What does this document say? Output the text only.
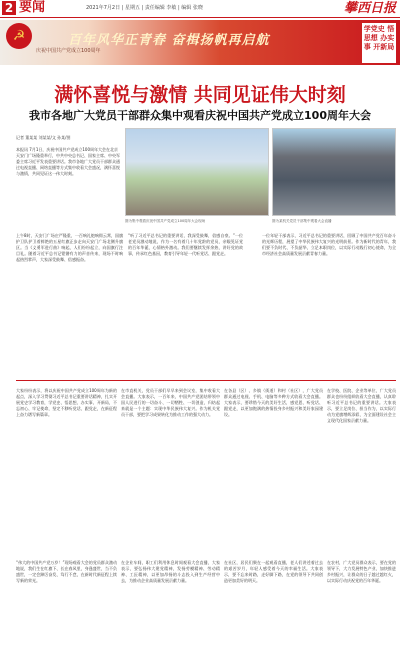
2 要闻	2021年7月2日 | 星期五 | 责任编辑 李敏 | 编辑 张晓	攀西日报
☭
庆祝中国共产党成立100周年
百年风华正青春 奋楫扬帆再启航
学党史 悟思想 办实事 开新局
满怀喜悦与激情 共同见证伟大时刻
我市各地广大党员干部群众集中观看庆祝中国共产党成立100周年大会
记者 董某某 刘某某/文 孙某/图
本报讯 7月1日，庆祝中国共产党成立100周年大会在北京天安门广场隆重举行，中共中央总书记、国家主席、中央军委主席习近平发表重要讲话。我市各地广大党员干部群众通过电视直播、网络直播等方式集中收看大会盛况，满怀喜悦与激情，共同见证这一伟大时刻。
图为集中观看庆祝中国共产党成立100周年大会现场	图为某机关党员干部集中观看大会直播
上午8时，天安门广场庄严隆重，一百响礼炮响彻云霄，国旗护卫队护卫着鲜艳的五星红旗正步走向天安门广场北侧升旗区。当《义勇军进行曲》响起，人们纷纷起立，向国旗行注目礼。随着习近平总书记铿锵有力的声音传来，现场不时响起热烈掌声，大家深受鼓舞、倍感振奋。
“听了习近平总书记的重要讲话，我深受鼓舞，倍感自豪。”一位老党员激动地说，作为一名有着几十年党龄的党员，亲眼见证党的百年华诞，心情格外激动。我们要继续发挥余热，讲好党的故事，传承红色基因，教育引导年轻一代听党话、跟党走。
一位年轻干部表示，习近平总书记的重要讲话，回顾了中国共产党百年奋斗的光辉历程，展望了中华民族伟大复兴的光明前景。作为新时代的青年，我们要不负时代、不负韶华，立足本职岗位，以实际行动践行初心使命，为全市经济社会高质量发展贡献青春力量。
大家纷纷表示，将以庆祝中国共产党成立100周年为新的起点，深入学习贯彻习近平总书记重要讲话精神，扎实开展党史学习教育，学党史、悟思想、办实事、开新局，不忘初心、牢记使命，坚定不移听党话、跟党走，在新征程上奋力谱写新篇章。
在市直机关，党员干部们早早来到会议室，集中收看大会直播。大家表示，一百年来，中国共产党团结带领中国人民进行的一切奋斗、一切牺牲、一切创造，归结起来就是一个主题：实现中华民族伟大复兴。作为机关党员干部，要把学习成果转化为推动工作的强大动力。
在各县（区）、乡镇（街道）和村（社区），广大党员群众通过电视、手机、电脑等多种方式收看大会直播。大家表示，要珍惜今天的美好生活，感党恩、听党话、跟党走，以更加饱满的热情投身乡村振兴和美好家园建设。
在学校、医院、企业等单位，广大党员群众也纷纷组织收看大会直播，认真聆听习近平总书记的重要讲话。大家表示，要立足岗位、担当作为，以实际行动为党旗增辉添彩，为全面建设社会主义现代化国家贡献力量。
“伟大的中国共产党万岁！”现场观看大会的党员群众激动地说，我们生在红旗下、长在春风里，身逢盛世，当不负盛世，一定会踔厉奋发、笃行不怠，在新时代新征程上续写新的荣光。
在企业车间，职工们利用休息时间观看大会直播，大家表示，要弘扬伟大建党精神，发扬劳模精神、劳动精神、工匠精神，以更加昂扬的斗志投入到生产经营中去，为推动企业高质量发展贡献力量。
在社区，居民们聚在一起观看直播，老人们讲述着过去的艰苦岁月，年轻人感受着今天的幸福生活。大家表示，要不忘来时路，走好脚下路，在党的领导下共同创造更加美好的明天。
在农村，广大党员群众表示，要在党的领导下，大力发展特色产业，加快推进乡村振兴，让群众的日子越过越红火，以实际行动庆祝党的百年华诞。
